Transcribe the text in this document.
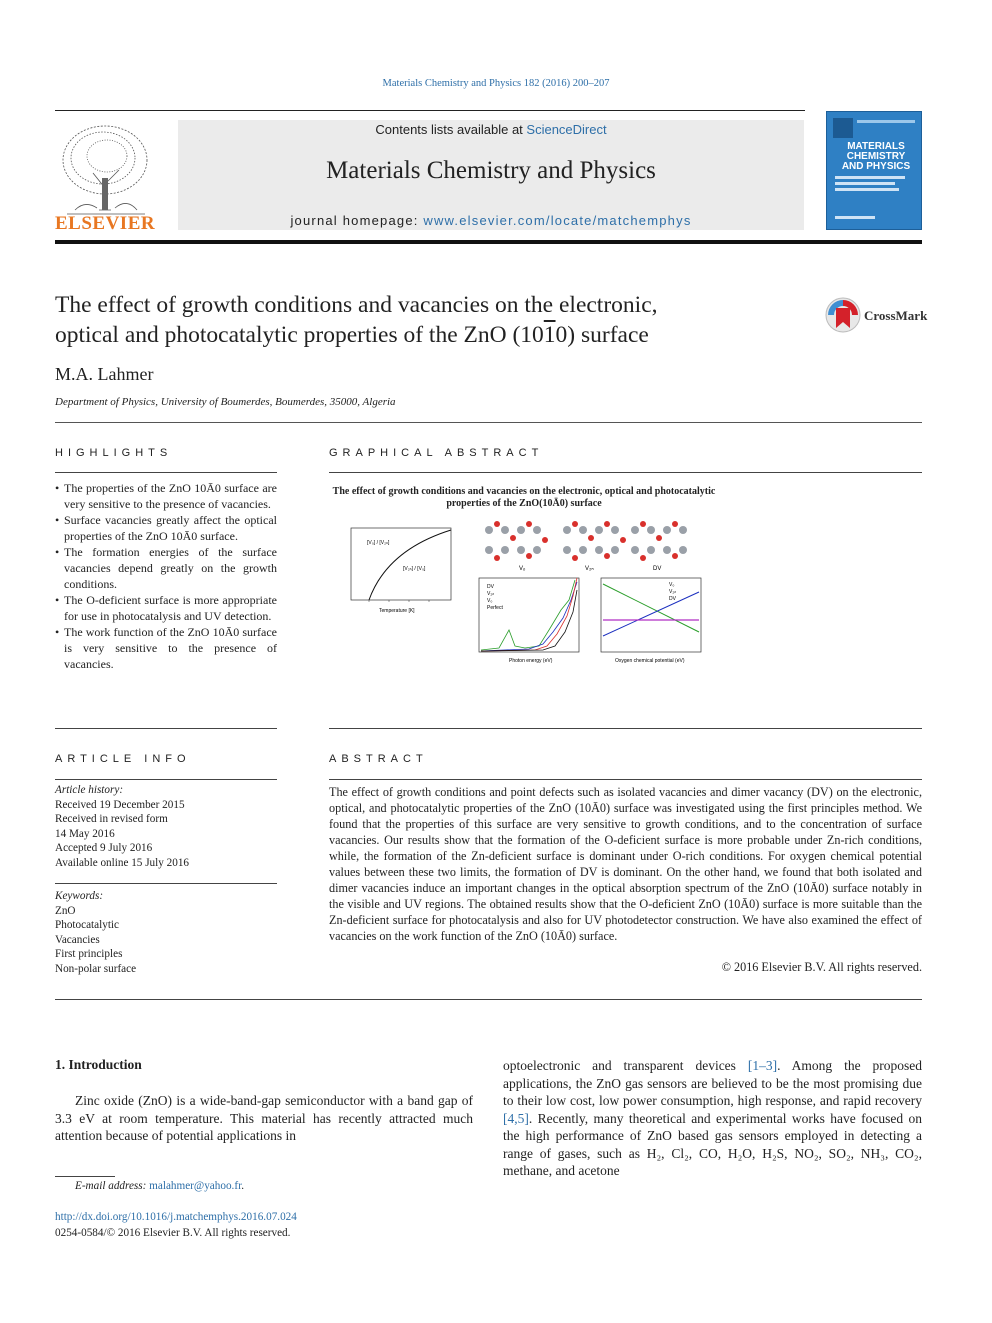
Materials Chemistry and Physics 182 (2016) 200–207
ELSEVIER
Contents lists available at ScienceDirect
Materials Chemistry and Physics
journal homepage: www.elsevier.com/locate/matchemphys
MATERIALS CHEMISTRY AND PHYSICS
The effect of growth conditions and vacancies on the electronic,
optical and photocatalytic properties of the ZnO (1010) surface
CrossMark
M.A. Lahmer
Department of Physics, University of Boumerdes, Boumerdes, 35000, Algeria
HIGHLIGHTS	GRAPHICAL ABSTRACT
• The properties of the ZnO 10Ā0 surface are very sensitive to the presence of vacancies.
• Surface vacancies greatly affect the optical properties of the ZnO 10Ā0 surface.
• The formation energies of the surface vacancies depend greatly on the growth conditions.
• The O-deficient surface is more appropriate for use in photocatalysis and UV detection.
• The work function of the ZnO 10Ā0 surface is very sensitive to the presence of vacancies.
The effect of growth conditions and vacancies on the electronic, optical and photocatalytic
properties of the ZnO(10Ā0) surface
[V₀] / [V₂ₙ]
[V₂ₙ] / [V₀]
Temperature [K]
Vₒ	V₂ₙ	DV
DV
V₂ₙ
V₀
Perfect
Photon energy (eV)
V₀
V₂ₙ
DV
Oxygen chemical potential (eV)
ARTICLE INFO	ABSTRACT
Article history:
Received 19 December 2015
Received in revised form
14 May 2016
Accepted 9 July 2016
Available online 15 July 2016
Keywords:
ZnO
Photocatalytic
Vacancies
First principles
Non-polar surface
The effect of growth conditions and point defects such as isolated vacancies and dimer vacancy (DV) on the electronic, optical, and photocatalytic properties of the ZnO (10Ā0) surface was investigated using the first principles method. We found that the properties of this surface are very sensitive to growth conditions, and to the concentration of surface vacancies. Our results show that the formation of the O-deficient surface is more probable under Zn-rich conditions, while, the formation of the Zn-deficient surface is dominant under O-rich conditions. For oxygen chemical potential values between these two limits, the formation of DV is dominant. On the other hand, we found that both isolated and dimer vacancies induce an important changes in the optical absorption spectrum of the ZnO (10Ā0) surface notably in the visible and UV regions. The obtained results show that the O-deficient ZnO (10Ā0) surface is more suitable than the Zn-deficient surface for photocatalysis and also for UV photodetector construction. We have also examined the effect of vacancies on the work function of the ZnO (10Ā0) surface.
© 2016 Elsevier B.V. All rights reserved.
1. Introduction
Zinc oxide (ZnO) is a wide-band-gap semiconductor with a band gap of 3.3 eV at room temperature. This material has recently attracted much attention because of potential applications in
optoelectronic and transparent devices [1–3]. Among the proposed applications, the ZnO gas sensors are believed to be the most promising due to their low cost, low power consumption, high response, and rapid recovery [4,5]. Recently, many theoretical and experimental works have focused on the high performance of ZnO based gas sensors employed in detecting a range of gases, such as H₂, Cl₂, CO, H₂O, H₂S, NO₂, SO₂, NH₃, CO₂, methane, and acetone
E-mail address: malahmer@yahoo.fr.
http://dx.doi.org/10.1016/j.matchemphys.2016.07.024
0254-0584/© 2016 Elsevier B.V. All rights reserved.
